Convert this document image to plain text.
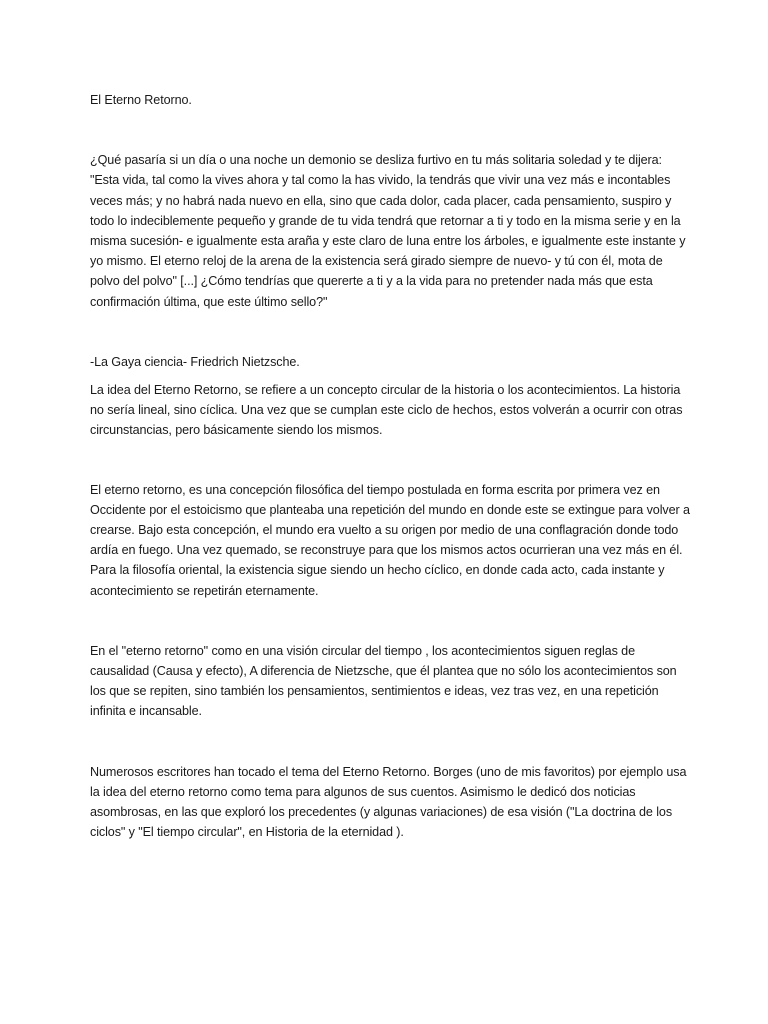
El Eterno Retorno.

¿Qué pasaría si un día o una noche un demonio se desliza furtivo en tu más solitaria soledad y te dijera: "Esta vida, tal como la vives ahora y tal como la has vivido, la tendrás que vivir una vez más e incontables veces más; y no habrá nada nuevo en ella, sino que cada dolor, cada placer, cada pensamiento, suspiro y todo lo indeciblemente pequeño y grande de tu vida tendrá que retornar a ti y todo en la misma serie y en la misma sucesión- e igualmente esta araña y este claro de luna entre los árboles, e igualmente este instante y yo mismo. El eterno reloj de la arena de la existencia será girado siempre de nuevo- y tú con él, mota de polvo del polvo" [...] ¿Cómo tendrías que quererte a ti y a la vida para no pretender nada más que esta confirmación última, que este último sello?"

-La Gaya ciencia- Friedrich Nietzsche.

La idea del Eterno Retorno, se refiere a un concepto circular de la historia o los acontecimientos. La historia no sería lineal, sino cíclica. Una vez que se cumplan este ciclo de hechos, estos volverán a ocurrir con otras circunstancias, pero básicamente siendo los mismos.

El eterno retorno, es una concepción filosófica del tiempo postulada en forma escrita por primera vez en Occidente por el estoicismo que planteaba una repetición del mundo en donde este se extingue para volver a crearse. Bajo esta concepción, el mundo era vuelto a su origen por medio de una conflagración donde todo ardía en fuego. Una vez quemado, se reconstruye para que los mismos actos ocurrieran una vez más en él. Para la filosofía oriental, la existencia sigue siendo un hecho cíclico, en donde cada acto, cada instante y acontecimiento se repetirán eternamente.

En el "eterno retorno" como en una visión circular del tiempo , los acontecimientos siguen reglas de causalidad (Causa y efecto), A diferencia de Nietzsche, que él plantea que no sólo los acontecimientos son los que se repiten, sino también los pensamientos, sentimientos e ideas, vez tras vez, en una repetición infinita e incansable.

Numerosos escritores han tocado el tema del Eterno Retorno. Borges (uno de mis favoritos) por ejemplo usa la idea del eterno retorno como tema para algunos de sus cuentos. Asimismo le dedicó dos noticias asombrosas, en las que exploró los precedentes (y algunas variaciones) de esa visión ("La doctrina de los ciclos" y "El tiempo circular", en Historia de la eternidad ).
